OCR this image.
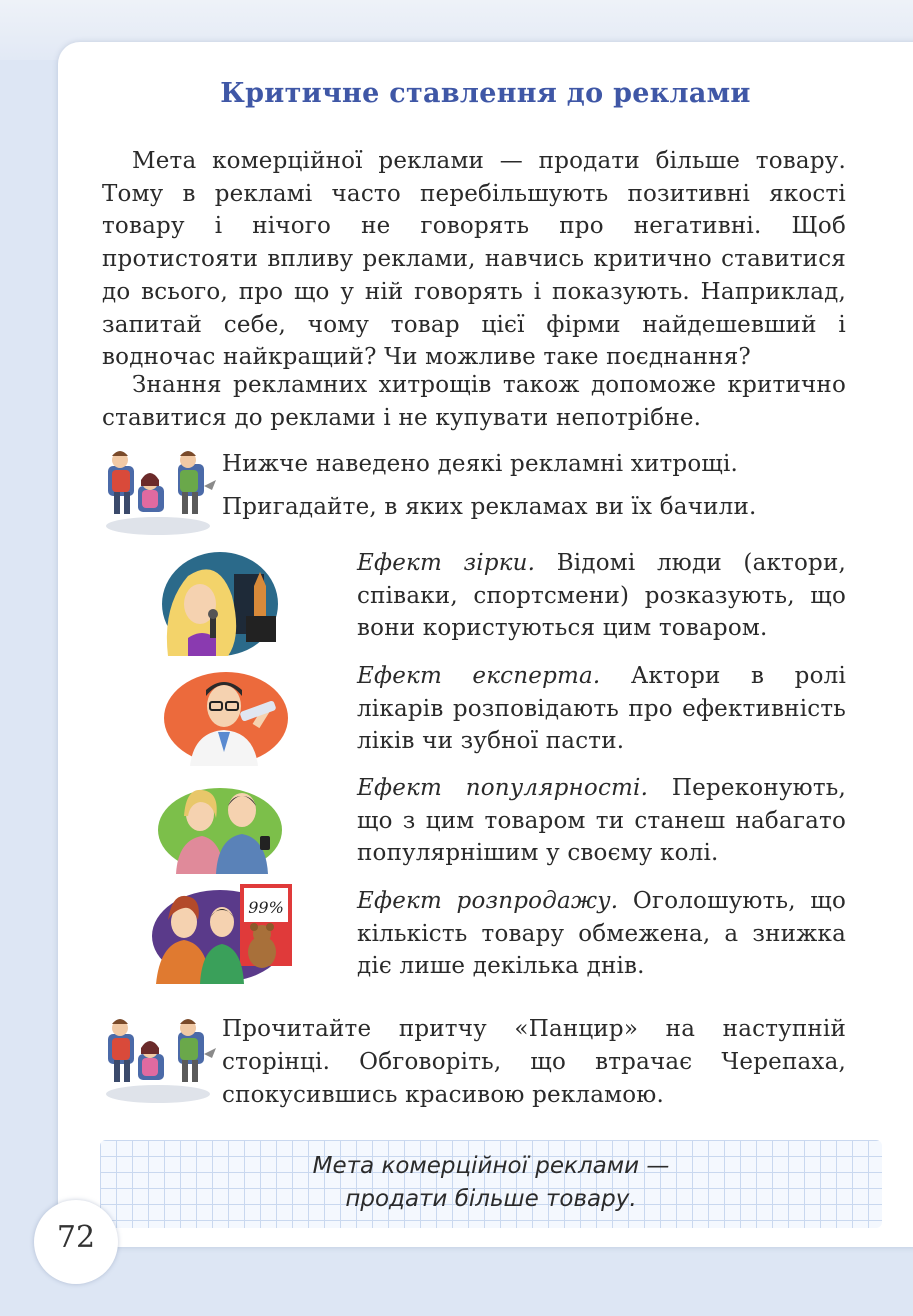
Критичне ставлення до реклами

Мета комерційної реклами — продати більше товару. Тому в рекламі часто перебільшують позитивні якості товару і нічого не говорять про негативні. Щоб протистояти впливу реклами, навчись критично ставитися до всього, про що у ній говорять і показують. Наприклад, запитай себе, чому товар цієї фірми найдешевший і водночас найкращий? Чи можливе таке поєднання?

Знання рекламних хитрощів також допоможе критично ставитися до реклами і не купувати непотрібне.

Нижче наведено деякі рекламні хитрощі.

Пригадайте, в яких рекламах ви їх бачили.

Ефект зірки. Відомі люди (актори, співаки, спортсмени) розказують, що вони користуються цим товаром.

Ефект експерта. Актори в ролі лікарів розповідають про ефективність ліків чи зубної пасти.

Ефект популярності. Переконують, що з цим товаром ти станеш набагато популярнішим у своєму колі.

99%	Ефект розпродажу. Оголошують, що кількість товару обмежена, а знижка діє лише декілька днів.

Прочитайте притчу «Панцир» на наступній сторінці. Обговоріть, що втрачає Черепаха, спокусившись красивою рекламою.

Мета комерційної реклами —
продати більше товару.

72
